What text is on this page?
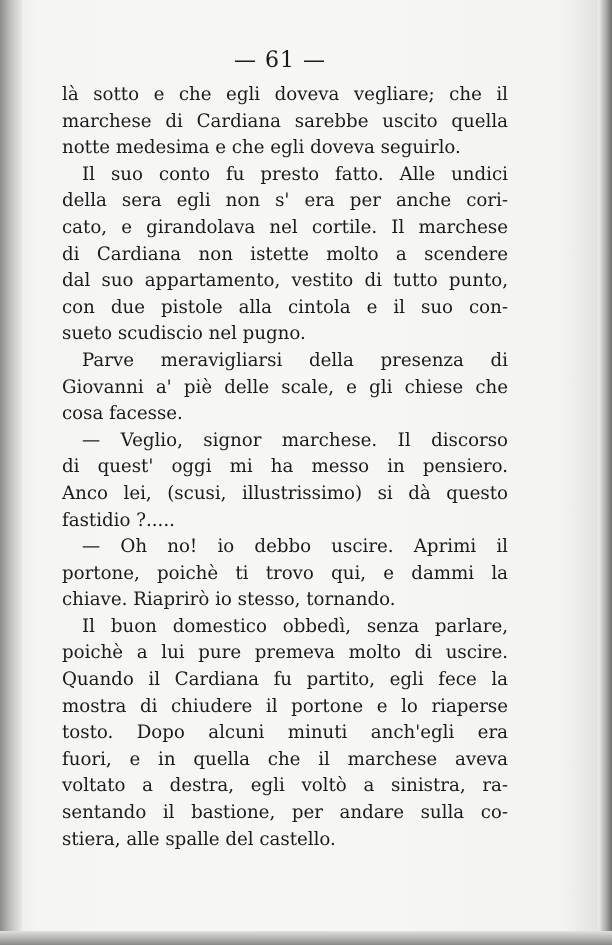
— 61 —
là sotto e che egli doveva vegliare; che il
marchese di Cardiana sarebbe uscito quella
notte medesima e che egli doveva seguirlo.
Il suo conto fu presto fatto. Alle undici
della sera egli non s' era per anche cori-
cato, e girandolava nel cortile. Il marchese
di Cardiana non istette molto a scendere
dal suo appartamento, vestito di tutto punto,
con due pistole alla cintola e il suo con-
sueto scudiscio nel pugno.
Parve meravigliarsi della presenza di
Giovanni a' piè delle scale, e gli chiese che
cosa facesse.
— Veglio, signor marchese. Il discorso
di quest' oggi mi ha messo in pensiero.
Anco lei, (scusi, illustrissimo) si dà questo
fastidio ?.....
— Oh no! io debbo uscire. Aprimi il
portone, poichè ti trovo qui, e dammi la
chiave. Riaprirò io stesso, tornando.
Il buon domestico obbedì, senza parlare,
poichè a lui pure premeva molto di uscire.
Quando il Cardiana fu partito, egli fece la
mostra di chiudere il portone e lo riaperse
tosto. Dopo alcuni minuti anch'egli era
fuori, e in quella che il marchese aveva
voltato a destra, egli voltò a sinistra, ra-
sentando il bastione, per andare sulla co-
stiera, alle spalle del castello.
